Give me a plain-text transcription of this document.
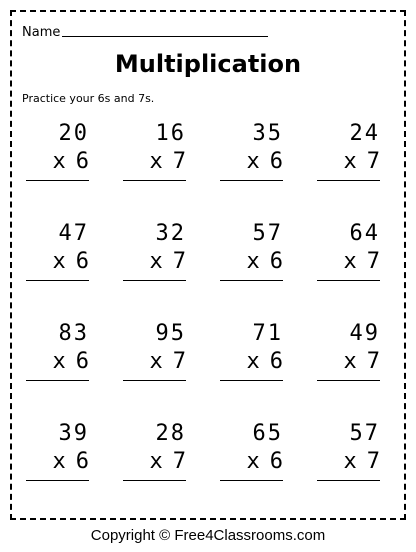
Name
Multiplication
Practice your 6s and 7s.
20
x 6
16
x 7
35
x 6
24
x 7
47
x 6
32
x 7
57
x 6
64
x 7
83
x 6
95
x 7
71
x 6
49
x 7
39
x 6
28
x 7
65
x 6
57
x 7
Copyright © Free4Classrooms.com
